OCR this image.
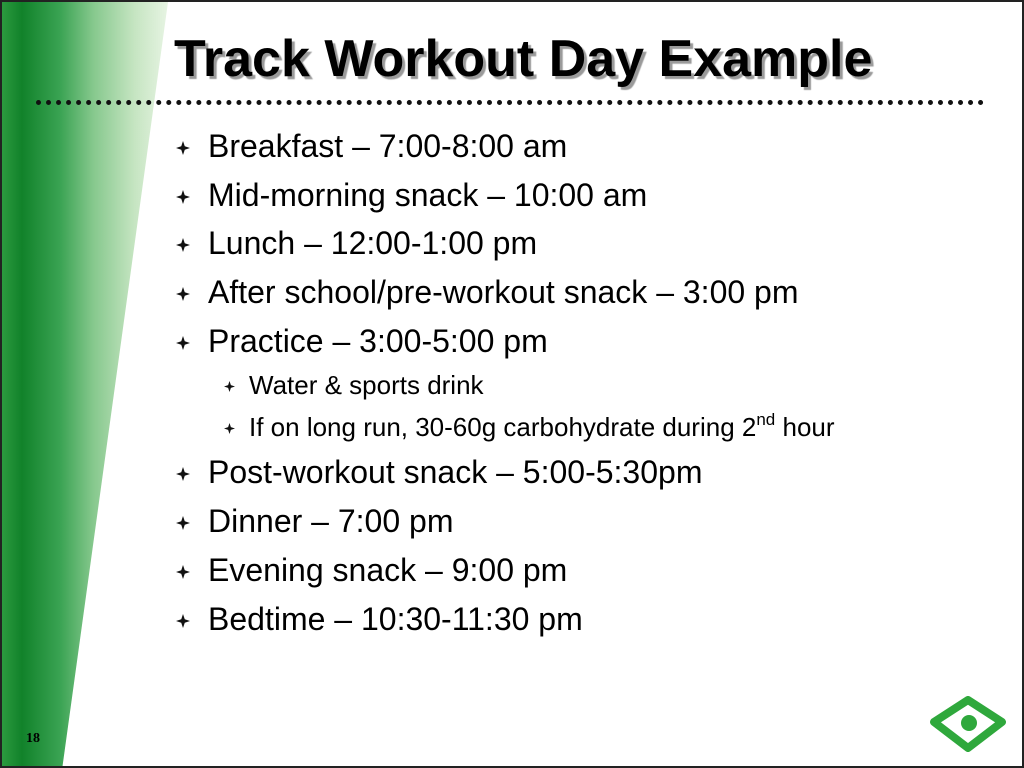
Track Workout Day Example
Breakfast – 7:00-8:00 am
Mid-morning snack – 10:00 am
Lunch – 12:00-1:00 pm
After school/pre-workout snack – 3:00 pm
Practice – 3:00-5:00 pm
Water & sports drink
If on long run, 30-60g carbohydrate during 2nd hour
Post-workout snack – 5:00-5:30pm
Dinner – 7:00 pm
Evening snack – 9:00 pm
Bedtime – 10:30-11:30 pm
18
